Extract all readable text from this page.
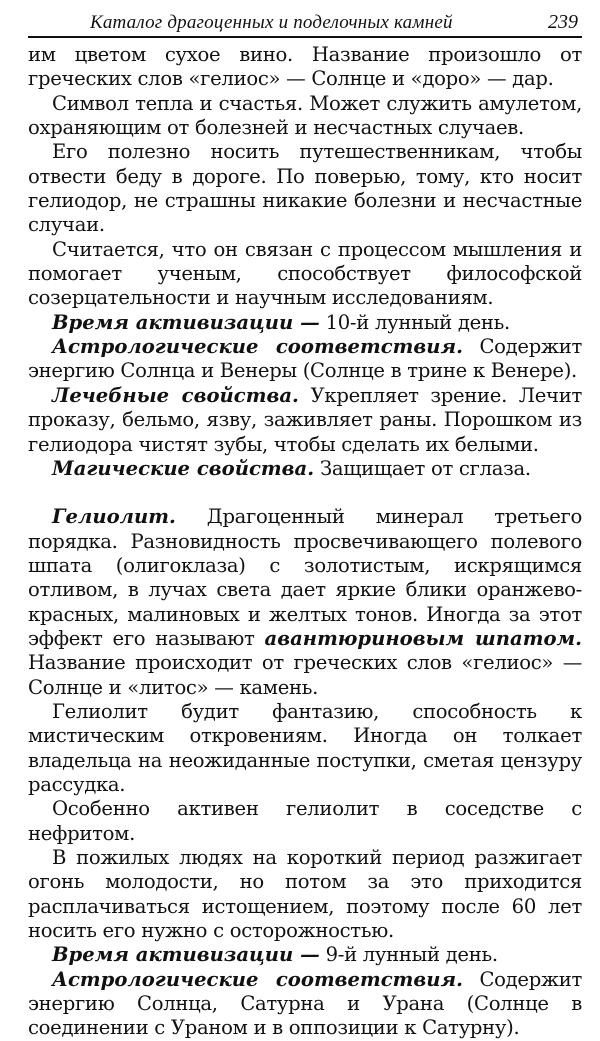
Каталог драгоценных и поделочных камней	239

им цветом сухое вино. Название произошло от греческих слов «гелиос» — Солнце и «доро» — дар.

Символ тепла и счастья. Может служить амулетом, охраняющим от болезней и несчастных случаев.

Его полезно носить путешественникам, чтобы отвести беду в дороге. По поверью, тому, кто носит гелиодор, не страшны никакие болезни и несчастные случаи.

Считается, что он связан с процессом мышления и помогает ученым, способствует философской созерцательности и научным исследованиям.

Время активизации — 10-й лунный день.

Астрологические соответствия. Содержит энергию Солнца и Венеры (Солнце в трине к Венере).

Лечебные свойства. Укрепляет зрение. Лечит проказу, бельмо, язву, заживляет раны. Порошком из гелиодора чистят зубы, чтобы сделать их белыми.

Магические свойства. Защищает от сглаза.

Гелиолит. Драгоценный минерал третьего порядка. Разновидность просвечивающего полевого шпата (олигоклаза) с золотистым, искрящимся отливом, в лучах света дает яркие блики оранжево-красных, малиновых и желтых тонов. Иногда за этот эффект его называют авантюриновым шпатом. Название происходит от греческих слов «гелиос» — Солнце и «литос» — камень.

Гелиолит будит фантазию, способность к мистическим откровениям. Иногда он толкает владельца на неожиданные поступки, сметая цензуру рассудка.

Особенно активен гелиолит в соседстве с нефритом.

В пожилых людях на короткий период разжигает огонь молодости, но потом за это приходится расплачиваться истощением, поэтому после 60 лет носить его нужно с осторожностью.

Время активизации — 9-й лунный день.

Астрологические соответствия. Содержит энергию Солнца, Сатурна и Урана (Солнце в соединении с Ураном и в оппозиции к Сатурну).
